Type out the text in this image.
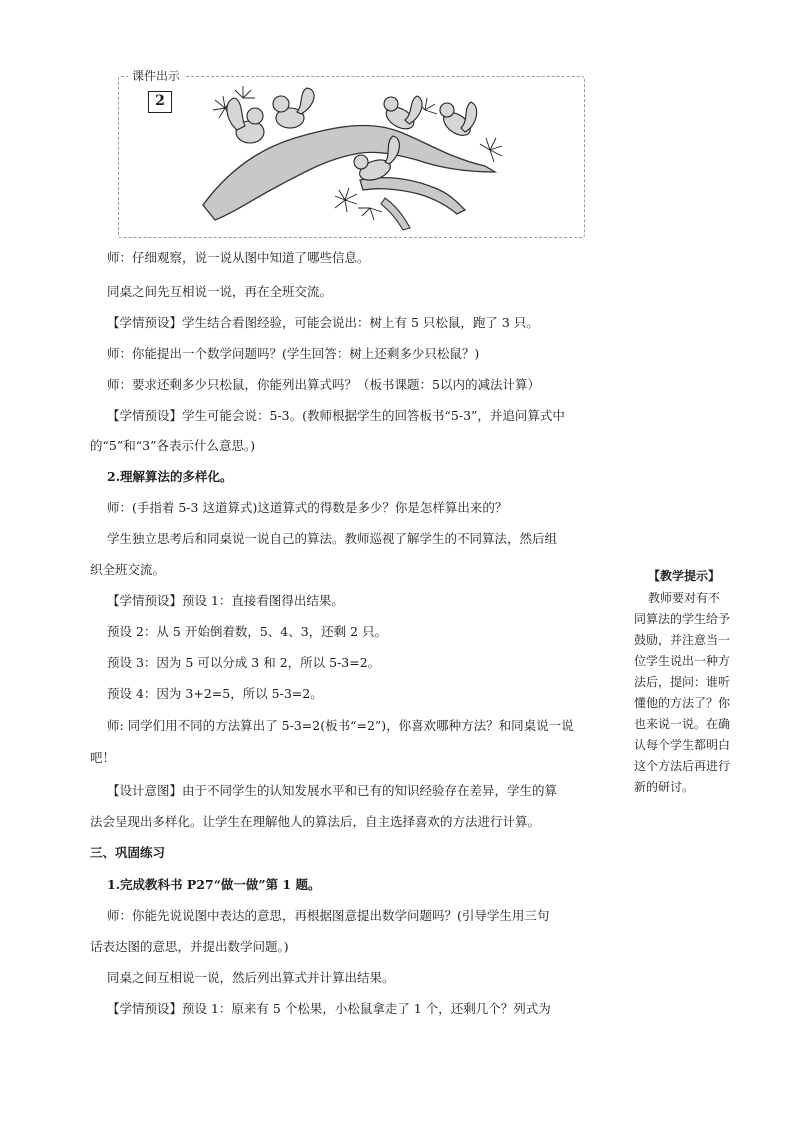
课件出示
2
师：仔细观察，说一说从图中知道了哪些信息。
同桌之间先互相说一说，再在全班交流。
【学情预设】学生结合看图经验，可能会说出：树上有 5 只松鼠，跑了 3 只。
师：你能提出一个数学问题吗？(学生回答：树上还剩多少只松鼠？)
师：要求还剩多少只松鼠，你能列出算式吗？（板书课题：5以内的减法计算）
【学情预设】学生可能会说：5-3。(教师根据学生的回答板书“5-3”，并追问算式中
的“5”和“3”各表示什么意思。)
2.理解算法的多样化。
师：(手指着 5-3 这道算式)这道算式的得数是多少？你是怎样算出来的？
学生独立思考后和同桌说一说自己的算法。教师巡视了解学生的不同算法，然后组
织全班交流。
【学情预设】预设 1：直接看图得出结果。
预设 2：从 5 开始倒着数，5、4、3，还剩 2 只。
预设 3：因为 5 可以分成 3 和 2，所以 5-3=2。
预设 4：因为 3+2=5，所以 5-3=2。
师: 同学们用不同的方法算出了 5-3=2(板书“=2”)，你喜欢哪种方法？和同桌说一说
吧！
【设计意图】由于不同学生的认知发展水平和已有的知识经验存在差异，学生的算
法会呈现出多样化。让学生在理解他人的算法后，自主选择喜欢的方法进行计算。
三、巩固练习
1.完成教科书 P27“做一做”第 1 题。
师：你能先说说图中表达的意思，再根据图意提出数学问题吗？(引导学生用三句
话表达图的意思，并提出数学问题。)
同桌之间互相说一说，然后列出算式并计算出结果。
【学情预设】预设 1：原来有 5 个松果，小松鼠拿走了 1 个，还剩几个？列式为
【教学提示】
教师要对有不
同算法的学生给予
鼓励，并注意当一
位学生说出一种方
法后，提问：谁听
懂他的方法了？你
也来说一说。在确
认每个学生都明白
这个方法后再进行
新的研讨。
